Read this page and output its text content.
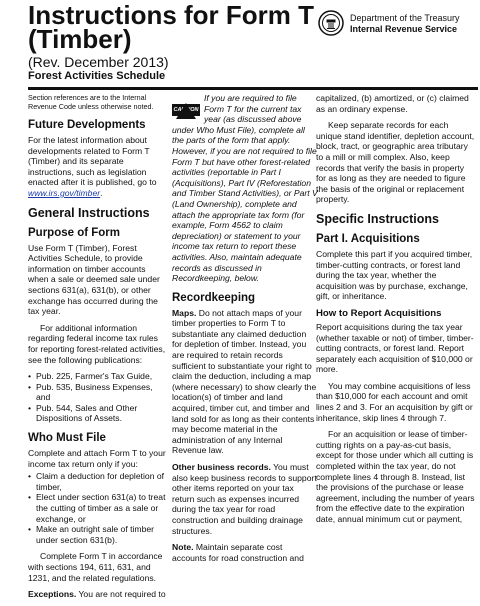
Instructions for Form T
(Timber)
(Rev. December 2013)
Forest Activities Schedule
Department of the Treasury
Internal Revenue Service

Section references are to the Internal Revenue Code unless otherwise noted.

Future Developments

For the latest information about developments related to Form T (Timber) and its separate instructions, such as legislation enacted after it is published, go to www.irs.gov/timber.

General Instructions
Purpose of Form

Use Form T (Timber), Forest Activities Schedule, to provide information on timber accounts when a sale or deemed sale under sections 631(a), 631(b), or other exchange has occurred during the tax year.

For additional information regarding federal income tax rules for reporting forest-related activities, see the following publications:

• Pub. 225, Farmer's Tax Guide,
• Pub. 535, Business Expenses, and
• Pub. 544, Sales and Other Dispositions of Assets.
Who Must File

Complete and attach Form T to your income tax return only if you:

• Claim a deduction for depletion of timber,
• Elect under section 631(a) to treat the cutting of timber as a sale or exchange, or
• Make an outright sale of timber under section 631(b).

Complete Form T in accordance with sections 194, 611, 631, and 1231, and the related regulations.

Exceptions. You are not required to

!
CAUTION
If you are required to file Form T for the current tax year (as discussed above under Who Must File), complete all the parts of the form that apply. However, if you are not required to file Form T but have other forest-related activities (reportable in Part I (Acquisitions), Part IV (Reforestation and Timber Stand Activities), or Part V (Land Ownership), complete and attach the appropriate tax form (for example, Form 4562 to claim depreciation) or statement to your income tax return to report these activities. Also, maintain adequate records as discussed in Recordkeeping, below.

Recordkeeping

Maps. Do not attach maps of your timber properties to Form T to substantiate any claimed deduction for depletion of timber. Instead, you are required to retain records sufficient to substantiate your right to claim the deduction, including a map (where necessary) to show clearly the location(s) of timber and land acquired, timber cut, and timber and land sold for as long as their contents may become material in the administration of any Internal Revenue law.

Other business records. You must also keep business records to support other items reported on your tax return such as expenses incurred during the tax year for road construction and building drainage structures.

Note. Maintain separate cost accounts for road construction and

capitalized, (b) amortized, or (c) claimed as an ordinary expense.

Keep separate records for each unique stand identifier, depletion account, block, tract, or geographic area tributary to a mill or mill complex. Also, keep records that verify the basis in property for as long as they are needed to figure the basis of the original or replacement property.

Specific Instructions
Part I. Acquisitions

Complete this part if you acquired timber, timber-cutting contracts, or forest land during the tax year, whether the acquisition was by purchase, exchange, gift, or inheritance.

How to Report Acquisitions

Report acquisitions during the tax year (whether taxable or not) of timber, timber-cutting contracts, or forest land. Report separately each acquisition of $10,000 or more.

You may combine acquisitions of less than $10,000 for each account and omit lines 2 and 3. For an acquisition by gift or inheritance, skip lines 4 through 7.

For an acquisition or lease of timber-cutting rights on a pay-as-cut basis, except for those under which all cutting is completed within the tax year, do not complete lines 4 through 8. Instead, list the provisions of the purchase or lease agreement, including the number of years from the effective date to the expiration date, annual minimum cut or payment,
